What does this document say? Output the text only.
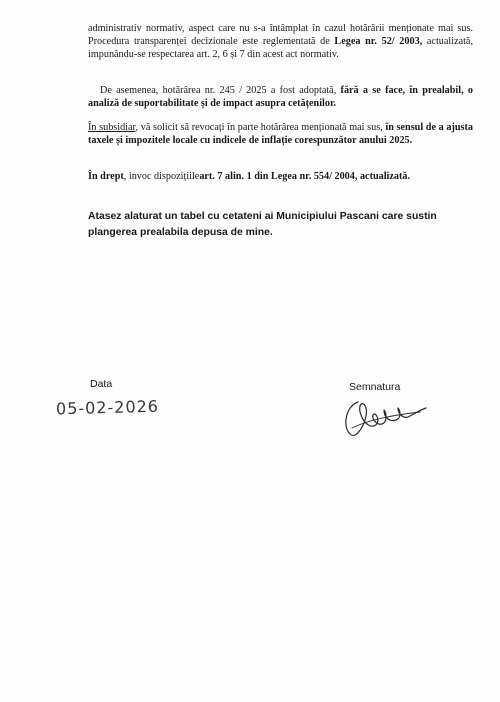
administrativ normativ, aspect care nu s-a întâmplat în cazul hotărârii menționate mai sus. Procedura transparenței decizionale este reglementată de Legea nr. 52/ 2003, actualizată, impunându-se respectarea art. 2, 6 și 7 din acest act normativ.

De asemenea, hotărârea nr. 245 / 2025 a fost adoptată, fără a se face, în prealabil, o analiză de suportabilitate și de impact asupra cetățenilor.

În subsidiar, vă solicit să revocați în parte hotărârea menționată mai sus, în sensul de a ajusta taxele și impozitele locale cu indicele de inflație corespunzător anului 2025.

În drept, invoc dispozițiileart. 7 alin. 1 din Legea nr. 554/ 2004, actualizată.

Atasez alaturat un tabel cu cetateni ai Municipiului Pascani care sustin plangerea prealabila depusa de mine.

Data
05-02-2026
Semnatura
